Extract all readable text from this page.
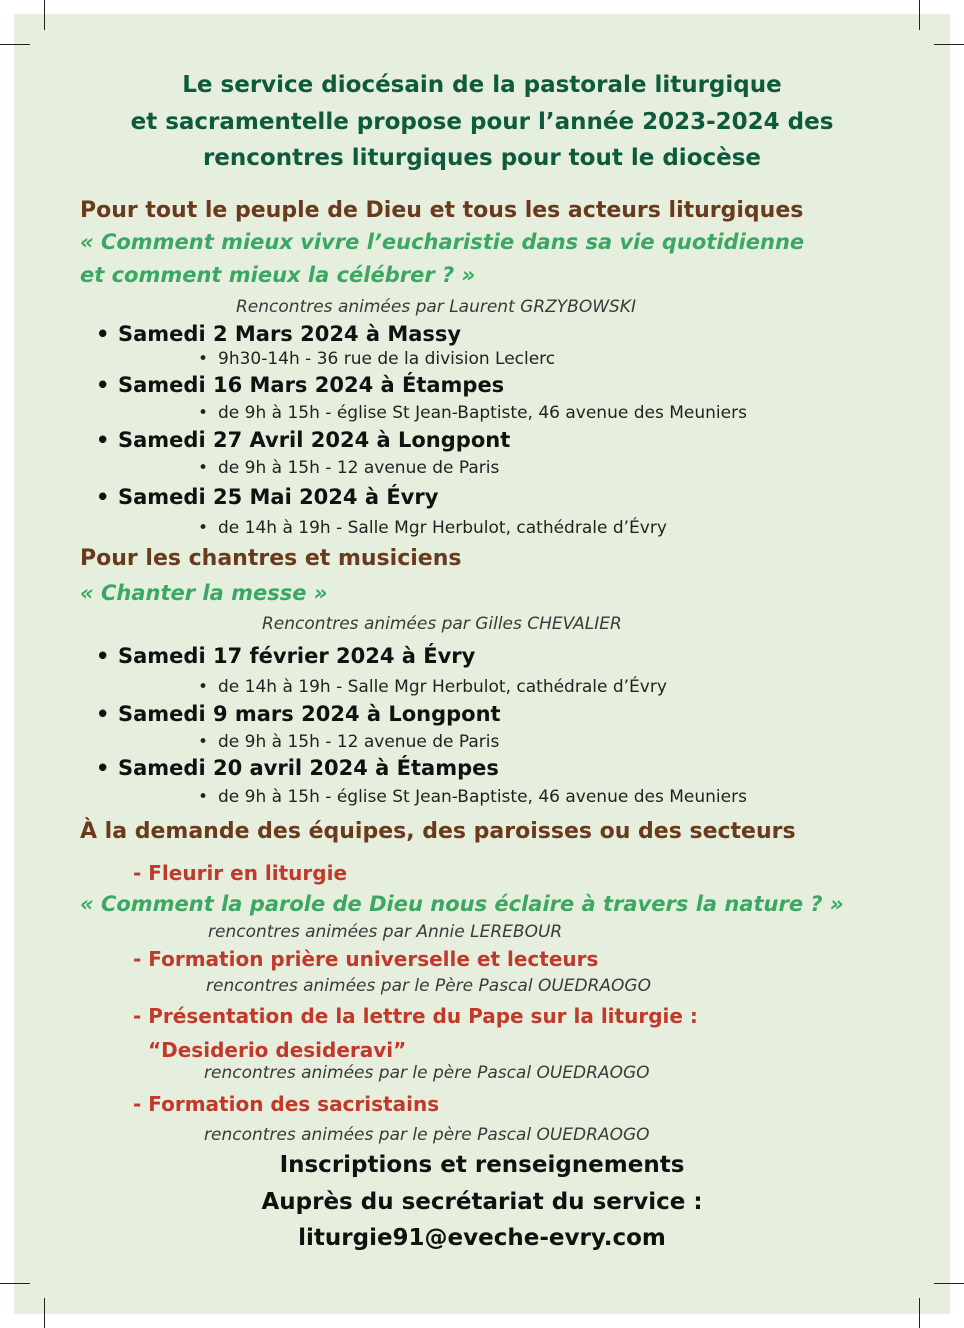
Le service diocésain de la pastorale liturgique
et sacramentelle propose pour l’année 2023-2024 des
rencontres liturgiques pour tout le diocèse
Pour tout le peuple de Dieu et tous les acteurs liturgiques
« Comment mieux vivre l’eucharistie dans sa vie quotidienne
et comment mieux la célébrer ? »
Rencontres animées par Laurent GRZYBOWSKI
• Samedi 2 Mars 2024 à Massy
• 9h30-14h - 36 rue de la division Leclerc
• Samedi 16 Mars 2024 à Étampes
• de 9h à 15h - église St Jean-Baptiste, 46 avenue des Meuniers
• Samedi 27 Avril 2024 à Longpont
• de 9h à 15h - 12 avenue de Paris
• Samedi 25 Mai 2024 à Évry
• de 14h à 19h - Salle Mgr Herbulot, cathédrale d’Évry
Pour les chantres et musiciens
« Chanter la messe »
Rencontres animées par Gilles CHEVALIER
• Samedi 17 février 2024 à Évry
• de 14h à 19h - Salle Mgr Herbulot, cathédrale d’Évry
• Samedi 9 mars 2024 à Longpont
• de 9h à 15h - 12 avenue de Paris
• Samedi 20 avril 2024 à Étampes
• de 9h à 15h - église St Jean-Baptiste, 46 avenue des Meuniers
À la demande des équipes, des paroisses ou des secteurs
- Fleurir en liturgie
« Comment la parole de Dieu nous éclaire à travers la nature ? »
rencontres animées par Annie LEREBOUR
- Formation prière universelle et lecteurs
rencontres animées par le Père Pascal OUEDRAOGO
- Présentation de la lettre du Pape sur la liturgie :
“Desiderio desideravi”
rencontres animées par le père Pascal OUEDRAOGO
- Formation des sacristains
rencontres animées par le père Pascal OUEDRAOGO
Inscriptions et renseignements
Auprès du secrétariat du service :
liturgie91@eveche-evry.com
